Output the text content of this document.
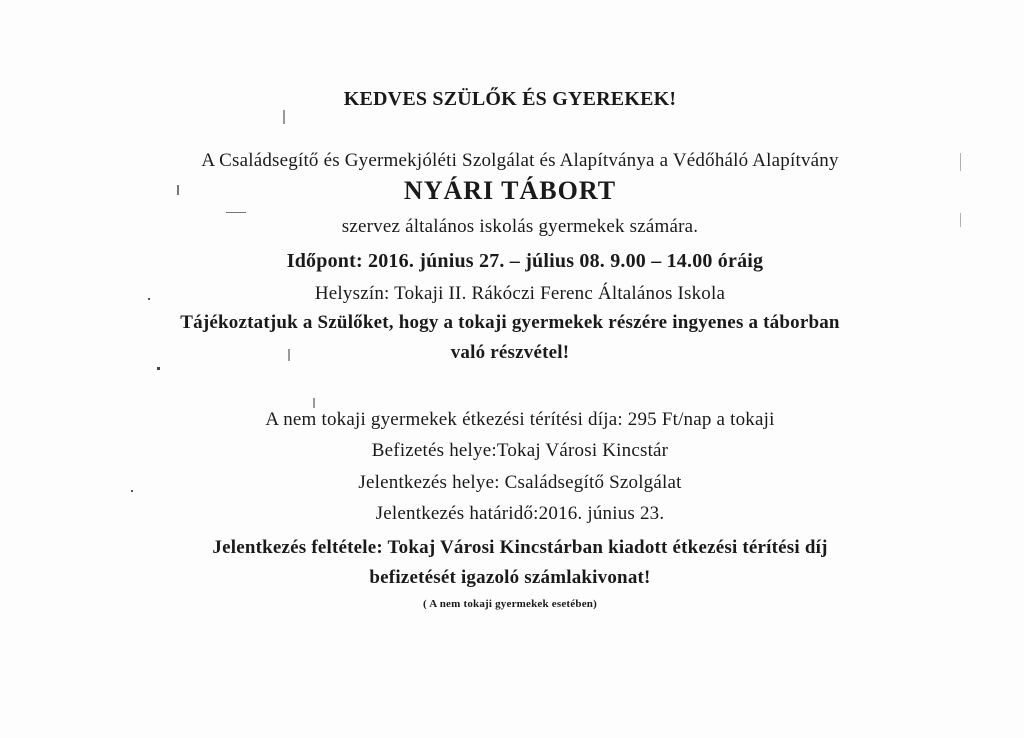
KEDVES SZÜLŐK ÉS GYEREKEK!
A Családsegítő és Gyermekjóléti Szolgálat és Alapítványa a Védőháló Alapítvány
NYÁRI TÁBORT
szervez általános iskolás gyermekek számára.
Időpont: 2016. június 27. – július 08. 9.00 – 14.00 óráig
Helyszín: Tokaji II. Rákóczi Ferenc Általános Iskola
Tájékoztatjuk a Szülőket, hogy a tokaji gyermekek részére ingyenes a táborban
való részvétel!
A nem tokaji gyermekek étkezési térítési díja: 295 Ft/nap a tokaji
Befizetés helye:Tokaj Városi Kincstár
Jelentkezés helye: Családsegítő Szolgálat
Jelentkezés határidő:2016. június 23.
Jelentkezés feltétele: Tokaj Városi Kincstárban kiadott étkezési térítési díj
befizetését igazoló számlakivonat!
( A nem tokaji gyermekek esetében)
